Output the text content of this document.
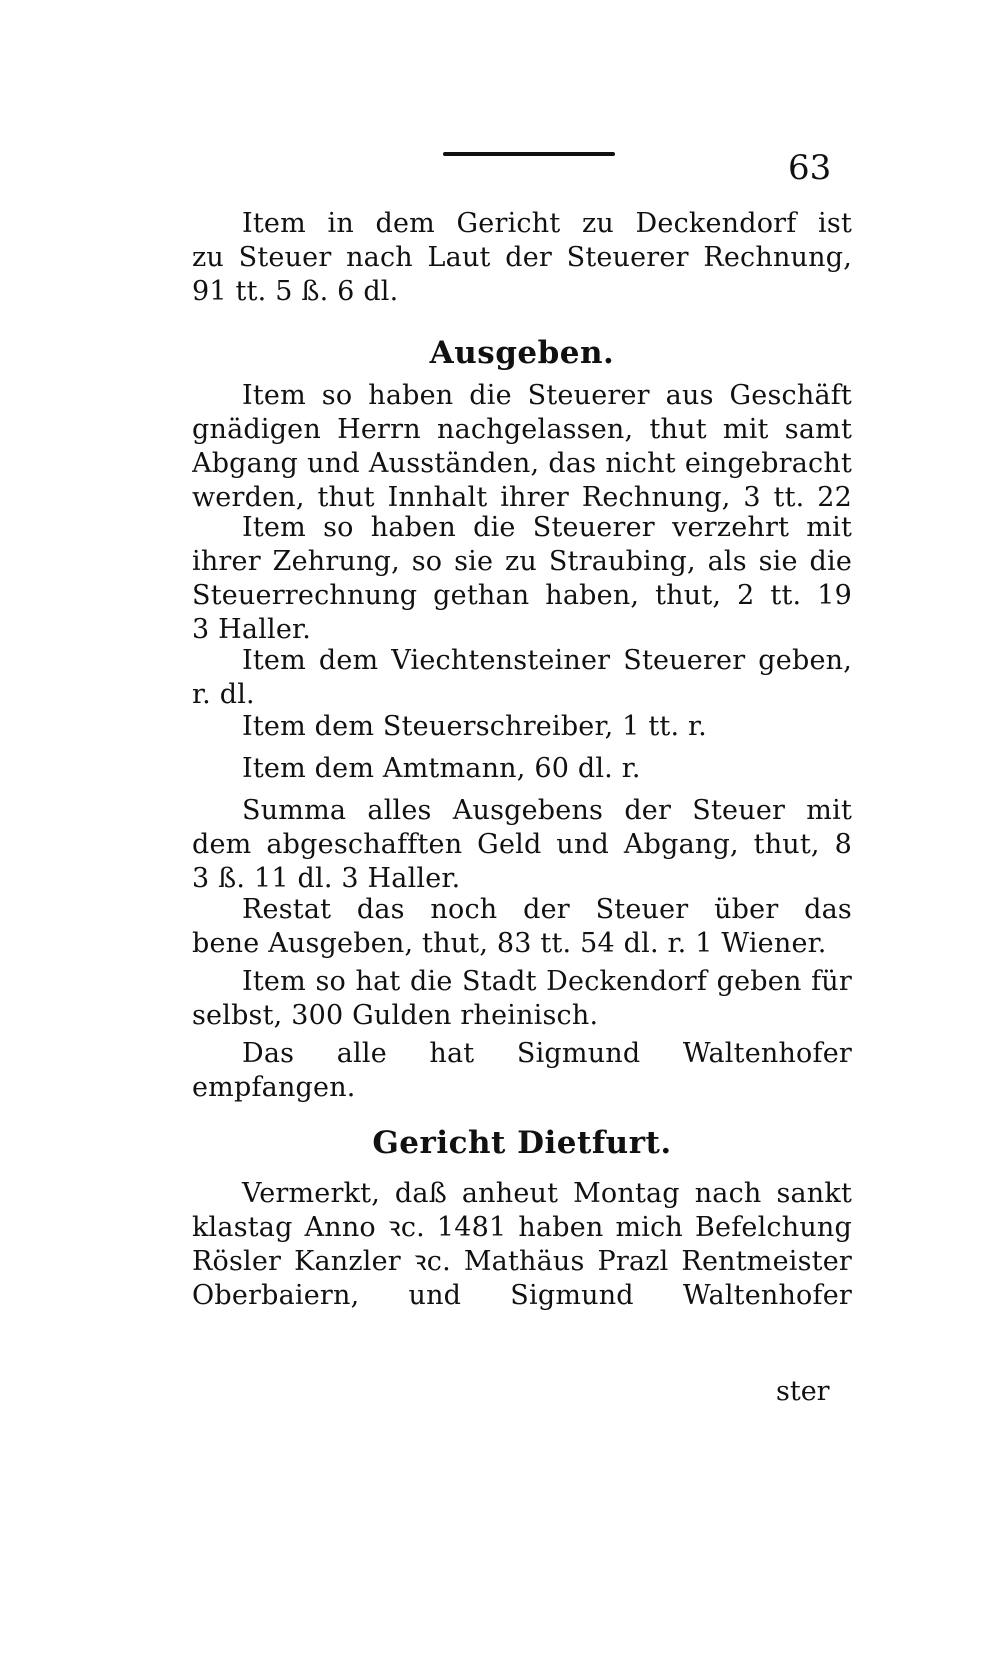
63
Item in dem Gericht zu Deckendorf ist
zu Steuer nach Laut der Steuerer Rechnung,
91 tt. 5 ß. 6 dl.
Ausgeben.
Item so haben die Steuerer aus Geschäft
gnädigen Herrn nachgelassen, thut mit samt
Abgang und Ausständen, das nicht eingebracht
werden, thut Innhalt ihrer Rechnung, 3 tt. 22
Item so haben die Steuerer verzehrt mit
ihrer Zehrung, so sie zu Straubing, als sie die
Steuerrechnung gethan haben, thut, 2 tt. 19
3 Haller.
Item dem Viechtensteiner Steuerer geben,
r. dl.
Item dem Steuerschreiber, 1 tt. r.
Item dem Amtmann, 60 dl. r.
Summa alles Ausgebens der Steuer mit
dem abgeschafften Geld und Abgang, thut, 8
3 ß. 11 dl. 3 Haller.
Restat das noch der Steuer über das
bene Ausgeben, thut, 83 tt. 54 dl. r. 1 Wiener.
Item so hat die Stadt Deckendorf geben für
selbst, 300 Gulden rheinisch.
Das alle hat Sigmund Waltenhofer
empfangen.
Gericht Dietfurt.
Vermerkt, daß anheut Montag nach sankt
klastag Anno ꝛc. 1481 haben mich Befelchung
Rösler Kanzler ꝛc. Mathäus Prazl Rentmeister
Oberbaiern, und Sigmund Waltenhofer
ster
